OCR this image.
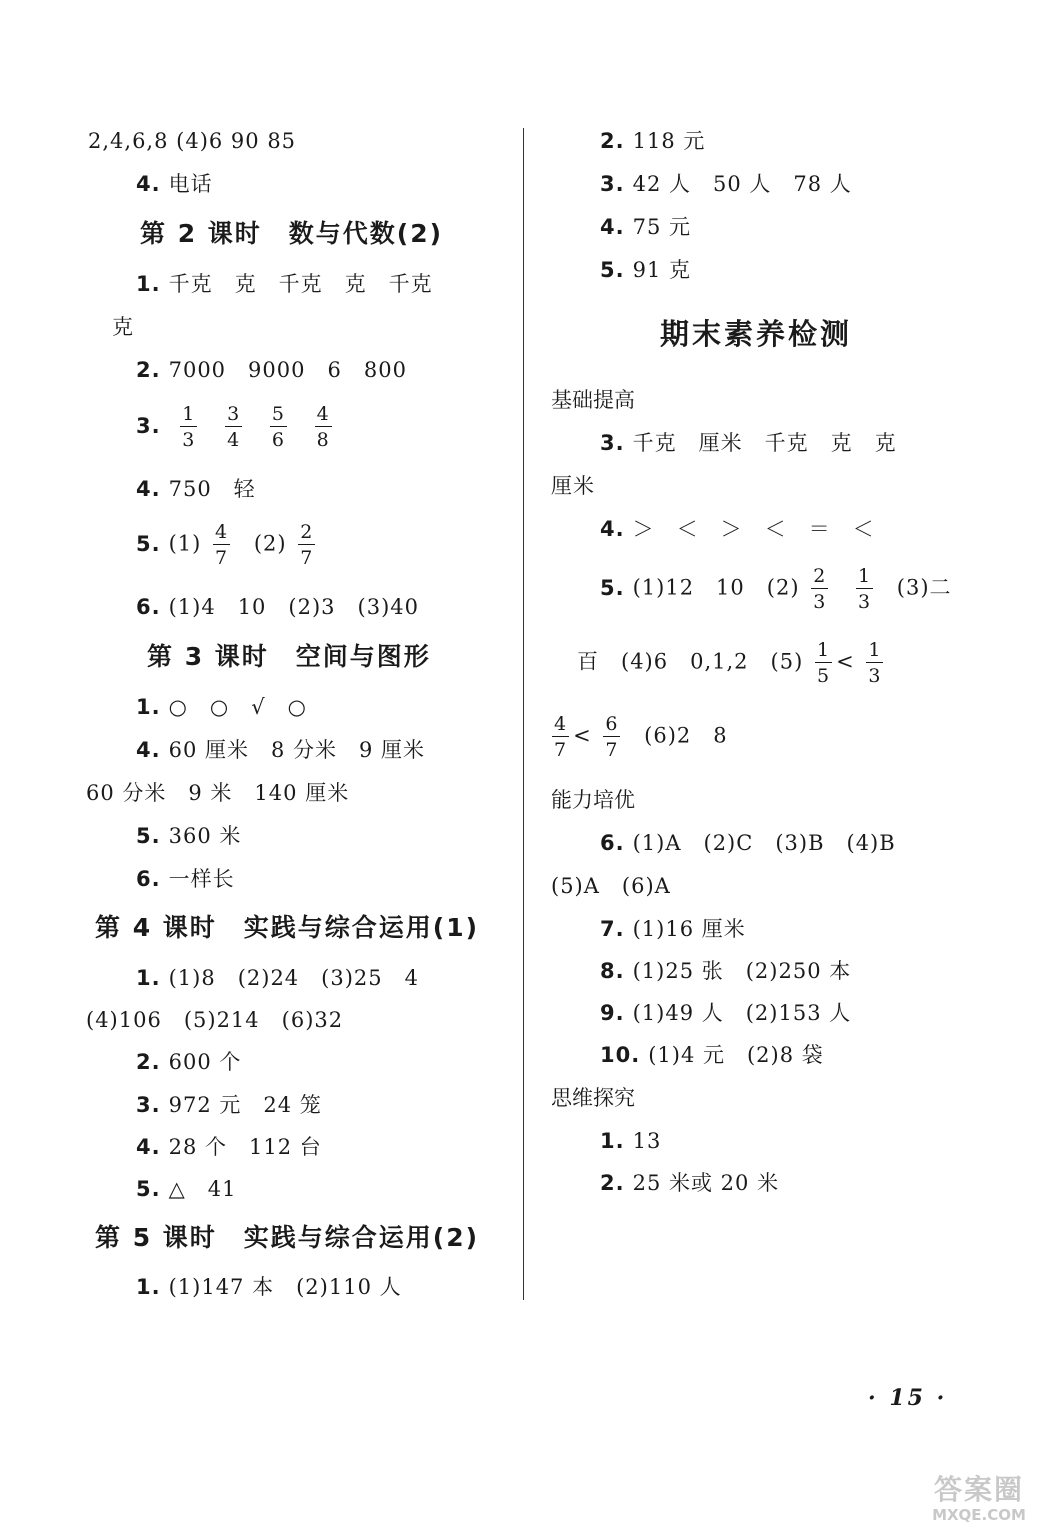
2,4,6,8 (4)6 90 85
4. 电话
第 2 课时　数与代数(2)
1. 千克　克　千克　克　千克
克
2. 7000　9000　6　800
3. $\frac{1}{3}$
$\frac{3}{4}$
$\frac{5}{6}$
$\frac{4}{8}$
4. 750　轻
5. $(1) \frac{4}{7} (2) \frac{2}{7}$
6. (1)4　10　(2)3　(3)40
第 3 课时　空间与图形
1. ○　○　√　○
4. 60 厘米　8 分米　9 厘米
60 分米　9 米　140 厘米
5. 360 米
6. 一样长
第 4 课时　实践与综合运用(1)
1. (1)8　(2)24　(3)25　4
(4)106　(5)214　(6)32
2. 600 个
3. 972 元　24 笼
4. 28 个　112 台
5. △　41
第 5 课时　实践与综合运用(2)
1. (1)147 本　(2)110 人
2. 118 元
3. 42 人　50 人　78 人
4. 75 元
5. 91 克
期末素养检测
基础提高
3. 千克　厘米　千克　克　克
厘米
4. ＞　＜　＞　＜　＝　＜
5. (1)12　10　$(2) \frac{2}{3}$
$\frac{1}{3} (3)$二
百　(4)6　0,1,2　$(5) \frac{1}{5} < \frac{1}{3}$
$\frac{4}{7} < \frac{6}{7} (6)2$　8
能力培优
6. (1)A　(2)C　(3)B　(4)B
(5)A　(6)A
7. (1)16 厘米
8. (1)25 张　(2)250 本
9. (1)49 人　(2)153 人
10. (1)4 元　(2)8 袋
思维探究
1. 13
2. 25 米或 20 米
· 15 ·
答案圈
MXQE.COM
